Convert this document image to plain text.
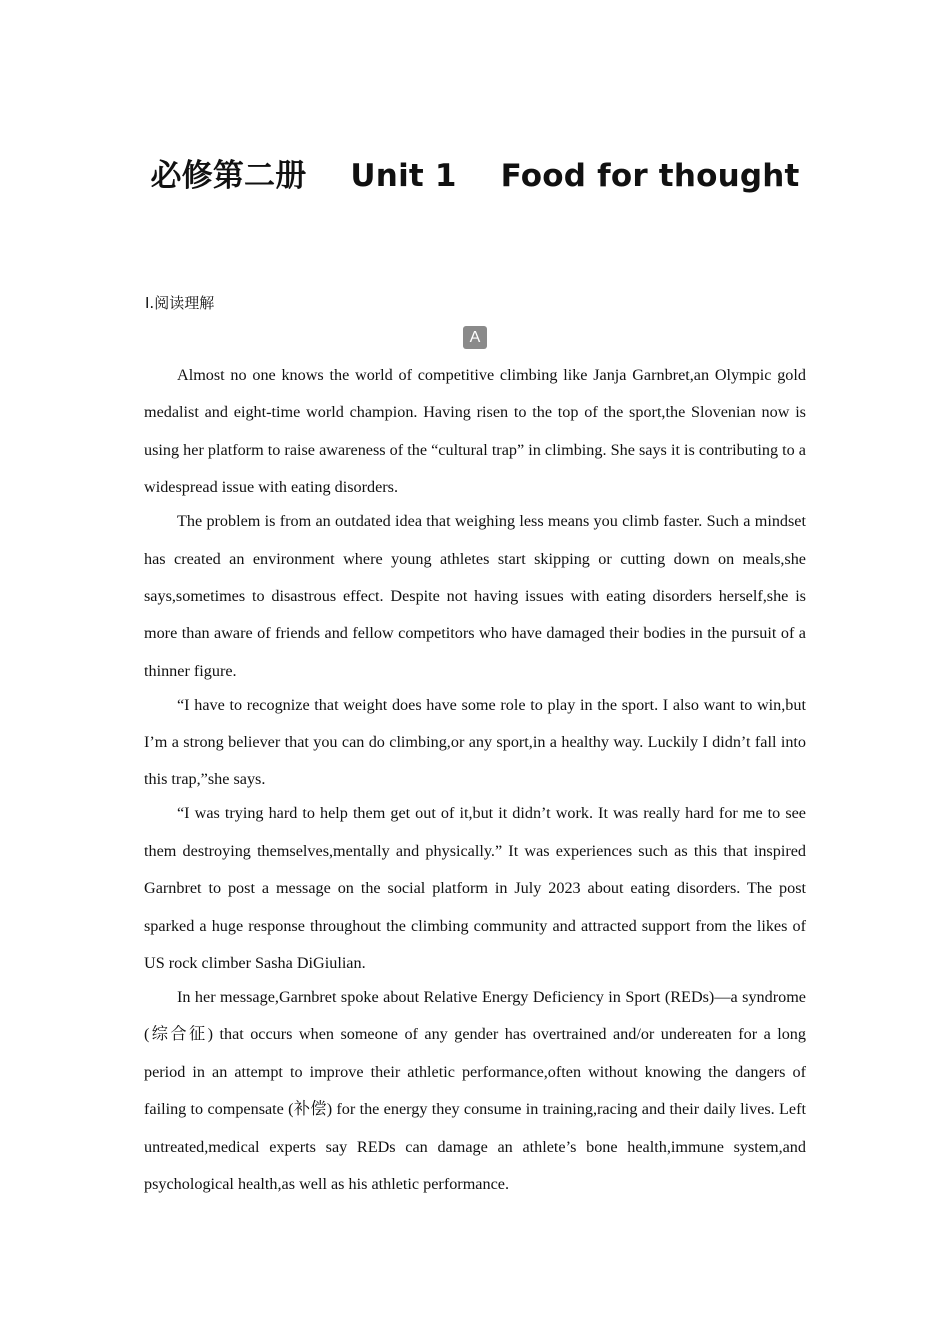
必修第二册    Unit 1    Food for thought
Ⅰ.阅读理解
A

Almost no one knows the world of competitive climbing like Janja Garnbret,an Olympic gold medalist and eight-time world champion. Having risen to the top of the sport,the Slovenian now is using her platform to raise awareness of the “cultural trap” in climbing. She says it is contributing to a widespread issue with eating disorders.

The problem is from an outdated idea that weighing less means you climb faster. Such a mindset has created an environment where young athletes start skipping or cutting down on meals,she says,sometimes to disastrous effect. Despite not having issues with eating disorders herself,she is more than aware of friends and fellow competitors who have damaged their bodies in the pursuit of a thinner figure.

“I have to recognize that weight does have some role to play in the sport. I also want to win,but I’m a strong believer that you can do climbing,or any sport,in a healthy way. Luckily I didn’t fall into this trap,”she says.

“I was trying hard to help them get out of it,but it didn’t work. It was really hard for me to see them destroying themselves,mentally and physically.” It was experiences such as this that inspired Garnbret to post a message on the social platform in July 2023 about eating disorders. The post sparked a huge response throughout the climbing community and attracted support from the likes of US rock climber Sasha DiGiulian.

In her message,Garnbret spoke about Relative Energy Deficiency in Sport (REDs)—a syndrome (综合征) that occurs when someone of any gender has overtrained and/or undereaten for a long period in an attempt to improve their athletic performance,often without knowing the dangers of failing to compensate (补偿) for the energy they consume in training,racing and their daily lives. Left untreated,medical experts say REDs can damage an athlete’s bone health,immune system,and psychological health,as well as his athletic performance.
